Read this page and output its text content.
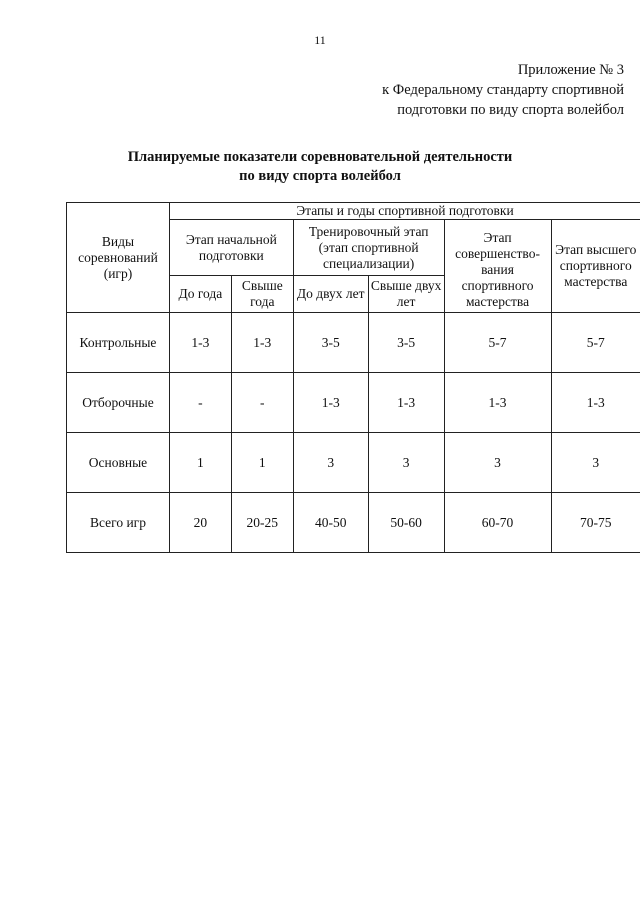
11
Приложение № 3
к Федеральному стандарту спортивной
подготовки по виду спорта волейбол
Планируемые показатели соревновательной деятельности
по виду спорта волейбол
Виды соревнований (игр)	Этапы и годы спортивной подготовки					
	Этап начальной подготовки		Тренировочный этап (этап спортивной специализации)		Этап совершенство- вания спортивного мастерства	Этап высшего спортивного мастерства
	До года	Свыше года	До двух лет	Свыше двух лет		
Контрольные	1-3	1-3	3-5	3-5	5-7	5-7
Отборочные	-	-	1-3	1-3	1-3	1-3
Основные	1	1	3	3	3	3
Всего игр	20	20-25	40-50	50-60	60-70	70-75
